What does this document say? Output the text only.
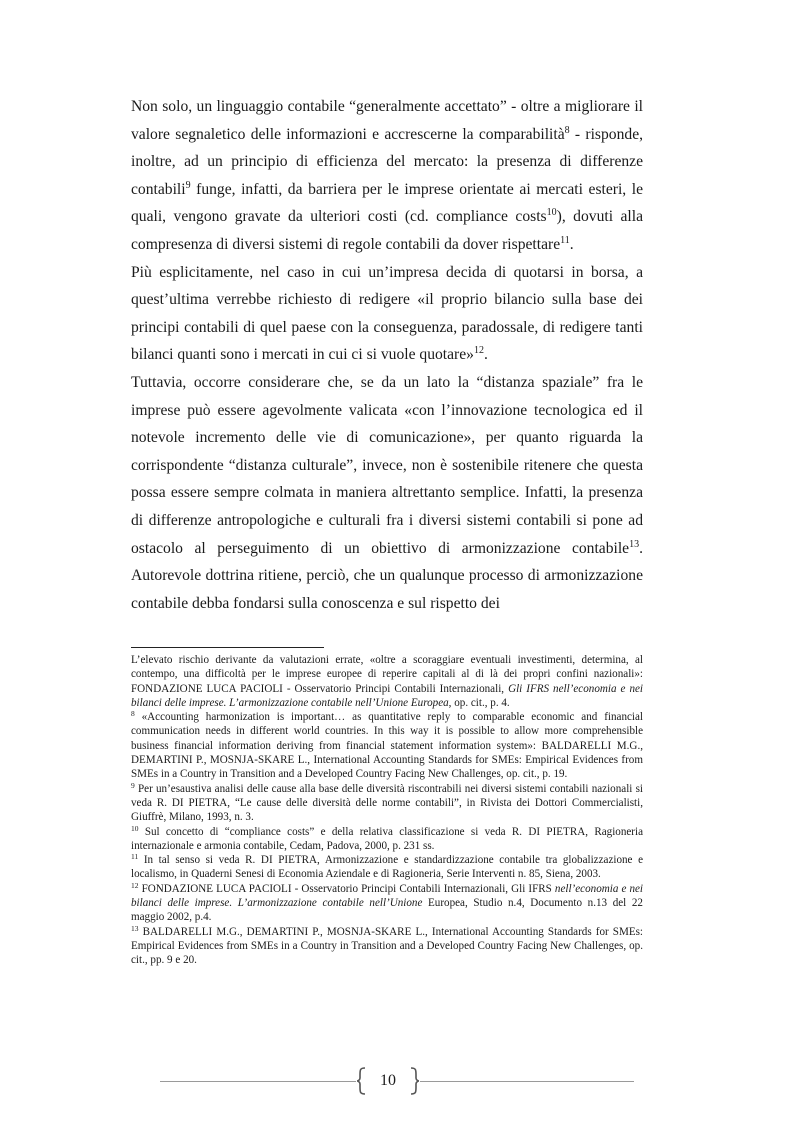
Non solo, un linguaggio contabile “generalmente accettato” - oltre a migliorare il valore segnaletico delle informazioni e accrescerne la comparabilità$^8$ - risponde, inoltre, ad un principio di efficienza del mercato: la presenza di differenze contabili$^9$ funge, infatti, da barriera per le imprese orientate ai mercati esteri, le quali, vengono gravate da ulteriori costi (cd. compliance costs$^{10}$), dovuti alla compresenza di diversi sistemi di regole contabili da dover rispettare$^{11}$.

Più esplicitamente, nel caso in cui un’impresa decida di quotarsi in borsa, a quest’ultima verrebbe richiesto di redigere «il proprio bilancio sulla base dei principi contabili di quel paese con la conseguenza, paradossale, di redigere tanti bilanci quanti sono i mercati in cui ci si vuole quotare»$^{12}$.

Tuttavia, occorre considerare che, se da un lato la “distanza spaziale” fra le imprese può essere agevolmente valicata «con l’innovazione tecnologica ed il notevole incremento delle vie di comunicazione», per quanto riguarda la corrispondente “distanza culturale”, invece, non è sostenibile ritenere che questa possa essere sempre colmata in maniera altrettanto semplice. Infatti, la presenza di differenze antropologiche e culturali fra i diversi sistemi contabili si pone ad ostacolo al perseguimento di un obiettivo di armonizzazione contabile$^{13}$. Autorevole dottrina ritiene, perciò, che un qualunque processo di armonizzazione contabile debba fondarsi sulla conoscenza e sul rispetto dei

L’elevato rischio derivante da valutazioni errate, «oltre a scoraggiare eventuali investimenti, determina, al contempo, una difficoltà per le imprese europee di reperire capitali al di là dei propri confini nazionali»: FONDAZIONE LUCA PACIOLI - Osservatorio Principi Contabili Internazionali, Gli IFRS nell’economia e nei bilanci delle imprese. L’armonizzazione contabile nell’Unione Europea, op. cit., p. 4.

$^8$ «Accounting harmonization is important… as quantitative reply to comparable economic and financial communication needs in different world countries. In this way it is possible to allow more comprehensible business financial information deriving from financial statement information system»: BALDARELLI M.G., DEMARTINI P., MOSNJA-SKARE L., International Accounting Standards for SMEs: Empirical Evidences from SMEs in a Country in Transition and a Developed Country Facing New Challenges, op. cit., p. 19.

$^9$ Per un’esaustiva analisi delle cause alla base delle diversità riscontrabili nei diversi sistemi contabili nazionali si veda R. DI PIETRA, “Le cause delle diversità delle norme contabili”, in Rivista dei Dottori Commercialisti, Giuffrè, Milano, 1993, n. 3.

$^{10}$ Sul concetto di “compliance costs” e della relativa classificazione si veda R. DI PIETRA, Ragioneria internazionale e armonia contabile, Cedam, Padova, 2000, p. 231 ss.

$^{11}$ In tal senso si veda R. DI PIETRA, Armonizzazione e standardizzazione contabile tra globalizzazione e localismo, in Quaderni Senesi di Economia Aziendale e di Ragioneria, Serie Interventi n. 85, Siena, 2003.

$^{12}$ FONDAZIONE LUCA PACIOLI - Osservatorio Principi Contabili Internazionali, Gli IFRS nell’economia e nei bilanci delle imprese. L’armonizzazione contabile nell’Unione Europea, Studio n.4, Documento n.13 del 22 maggio 2002, p.4.

$^{13}$ BALDARELLI M.G., DEMARTINI P., MOSNJA-SKARE L., International Accounting Standards for SMEs: Empirical Evidences from SMEs in a Country in Transition and a Developed Country Facing New Challenges, op. cit., pp. 9 e 20.

10
